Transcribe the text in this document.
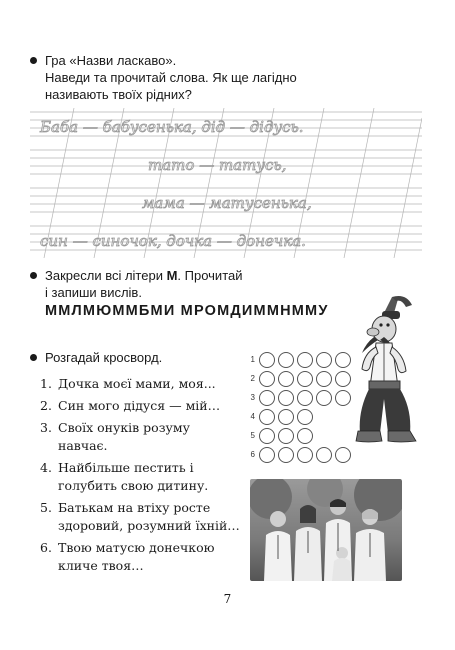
Гра «Назви ласкаво».
Наведи та прочитай слова. Як ще лагідно
називають твоїх рідних?
Баба — бабусенька, дід — дідусь.
тато — татусь,
мама — матусенька,
син — синочок, дочка — донечка.
Закресли всі літери М. Прочитай
і запиши вислів.
ММЛМЮММБМИ МРОМДИММНММУ
Розгадай кросворд.
1. Дочка моєї мами, моя...
2. Син мого дідуся — мій…
3. Своїх онуків розуму навчає.
4. Найбільше пестить і голубить свою дитину.
5. Батькам на втіху росте здоровий, розумний їхній…
6. Твою матусю донечкою кличе твоя…
1
2
3
4
5
6
7
